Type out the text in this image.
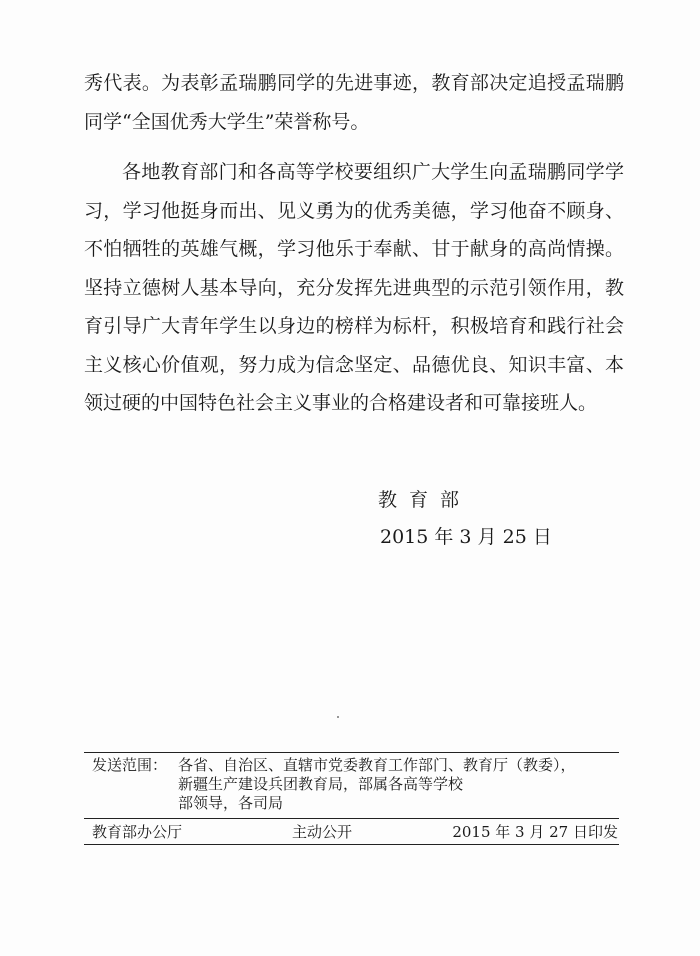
秀代表。为表彰孟瑞鹏同学的先进事迹，教育部决定追授孟瑞鹏同学“全国优秀大学生”荣誉称号。

各地教育部门和各高等学校要组织广大学生向孟瑞鹏同学学习，学习他挺身而出、见义勇为的优秀美德，学习他奋不顾身、不怕牺牲的英雄气概，学习他乐于奉献、甘于献身的高尚情操。坚持立德树人基本导向，充分发挥先进典型的示范引领作用，教育引导广大青年学生以身边的榜样为标杆，积极培育和践行社会主义核心价值观，努力成为信念坚定、品德优良、知识丰富、本领过硬的中国特色社会主义事业的合格建设者和可靠接班人。

教育部
2015 年 3 月 25 日
发送范围： 各省、自治区、直辖市党委教育工作部门、教育厅（教委），
新疆生产建设兵团教育局，部属各高等学校
部领导，各司局
教育部办公厅	主动公开	2015 年 3 月 27 日印发
